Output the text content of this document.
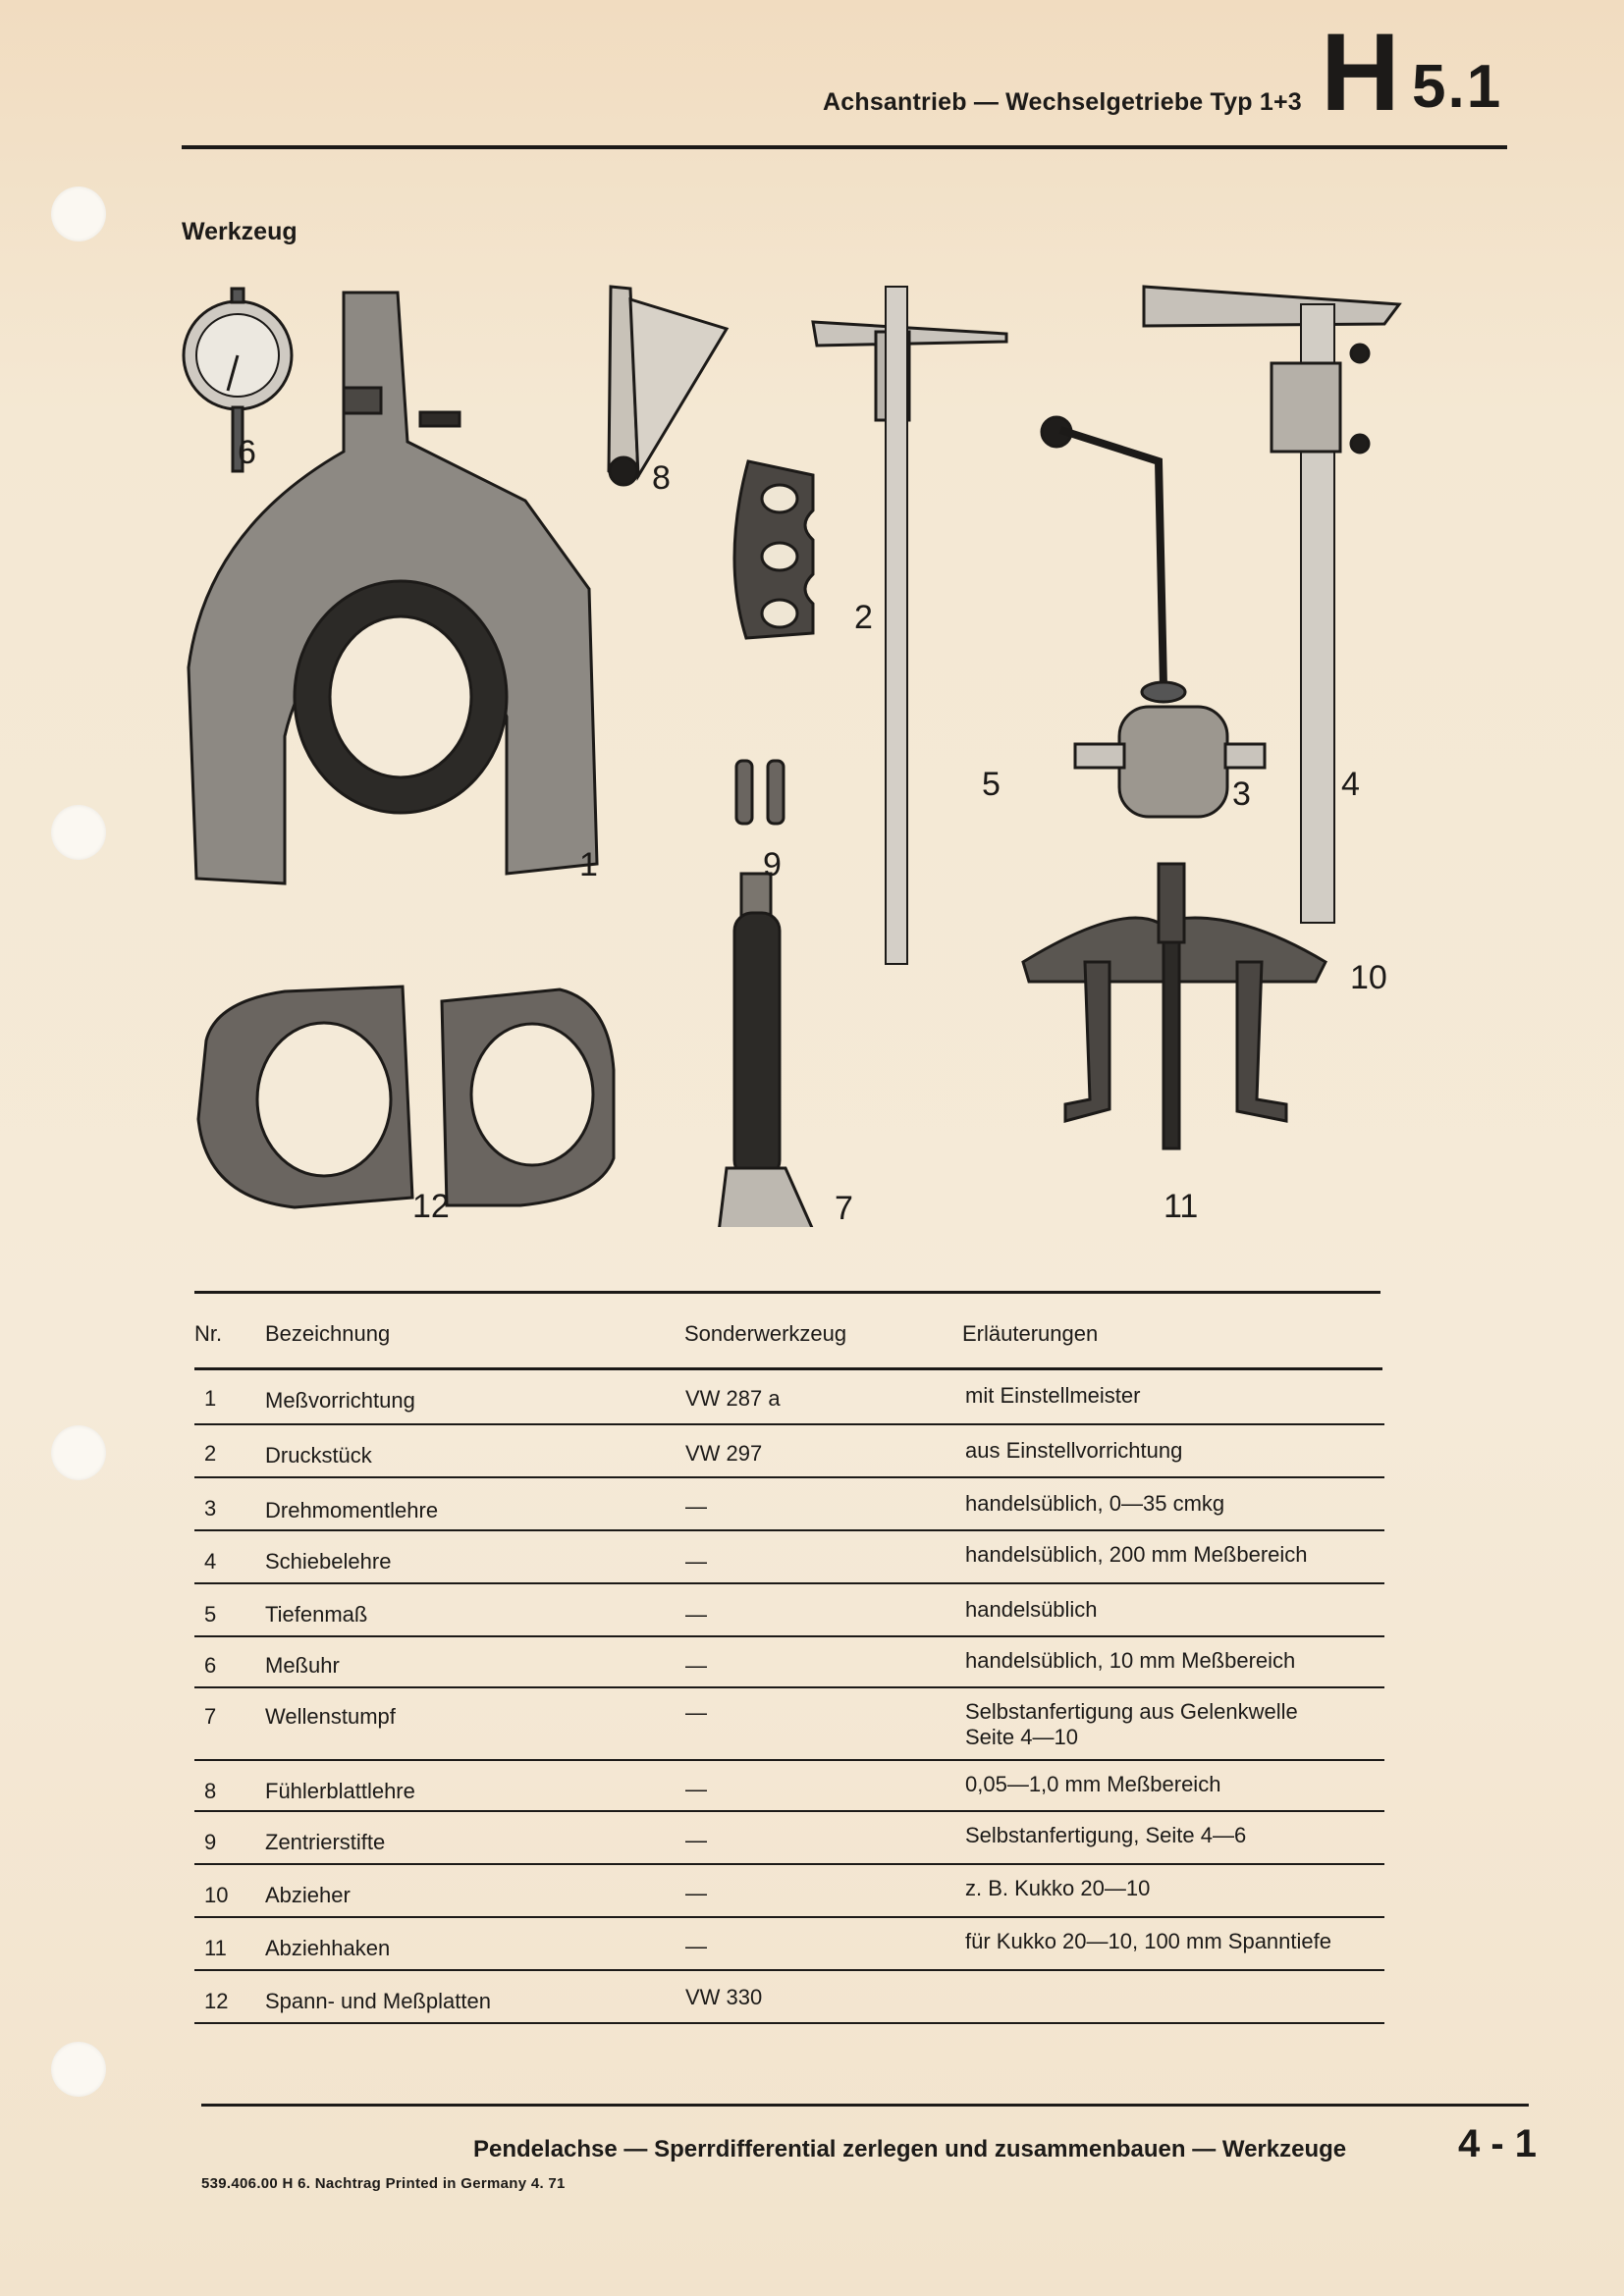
Achsantrieb — Wechselgetriebe Typ 1+3 H 5.1
Werkzeug
6
1
8
2
9
5	3	4
10
7	11
12
Nr. Bezeichnung	Sonderwerkzeug	Erläuterungen
1 Meßvorrichtung	VW 287 a	mit Einstellmeister
2 Druckstück	VW 297	aus Einstellvorrichtung
3 Drehmomentlehre	—	handelsüblich, 0—35 cmkg
4 Schiebelehre	—	handelsüblich, 200 mm Meßbereich
5 Tiefenmaß	—	handelsüblich
6 Meßuhr	—	handelsüblich, 10 mm Meßbereich
7 Wellenstumpf	—	Selbstanfertigung aus Gelenkwelle
Seite 4—10
8 Fühlerblattlehre	—	0,05—1,0 mm Meßbereich
9 Zentrierstifte	—	Selbstanfertigung, Seite 4—6
10 Abzieher	—	z. B. Kukko 20—10
11 Abziehhaken	—	für Kukko 20—10, 100 mm Spanntiefe
12 Spann- und Meßplatten	VW 330
Pendelachse — Sperrdifferential zerlegen und zusammenbauen — Werkzeuge	4 - 1
539.406.00 H 6. Nachtrag Printed in Germany 4. 71
